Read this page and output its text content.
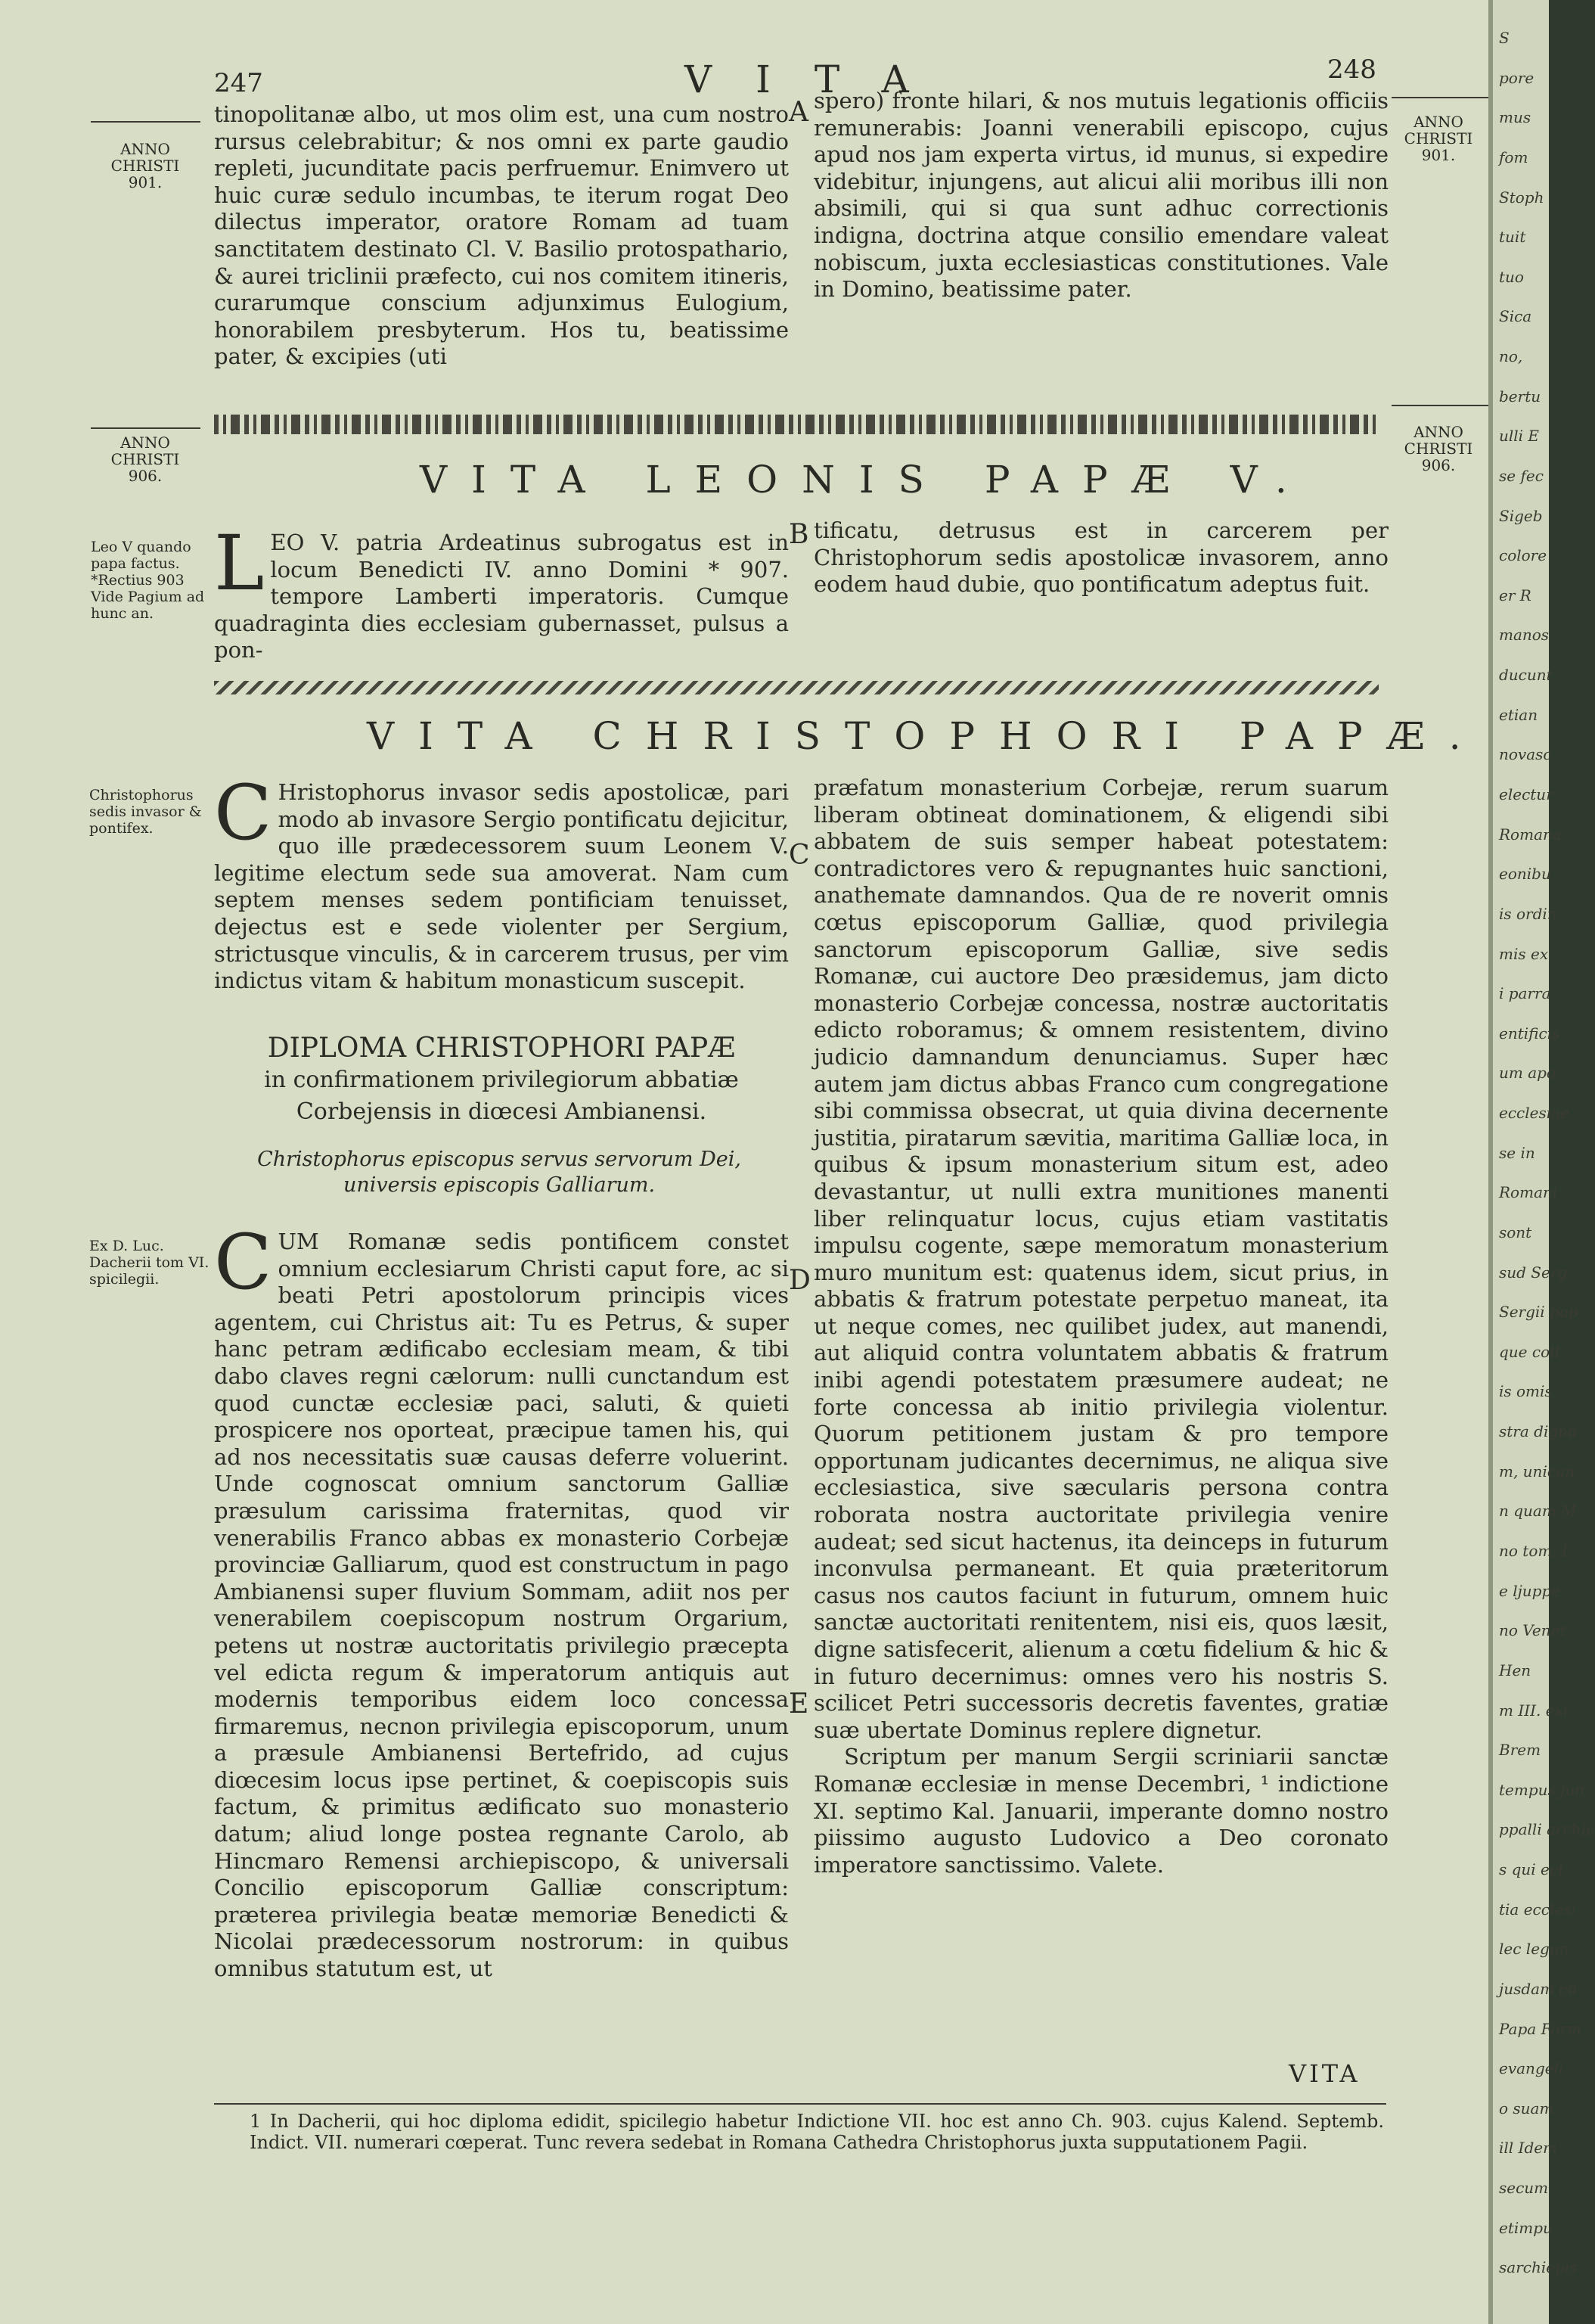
247	VITA	248
ANNO CHRISTI
901.
ANNO CHRISTI
901.

tinopolitanæ albo, ut mos olim est, una cum nostro rursus celebrabitur; & nos omni ex parte gaudio repleti, jucunditate pacis perfruemur. Enimvero ut huic curæ sedulo incumbas, te iterum rogat Deo dilectus imperator, oratore Romam ad tuam sanctitatem destinato Cl. V. Basilio protospathario, & aurei triclinii præfecto, cui nos comitem itineris, curarumque conscium adjunximus Eulogium, honorabilem presbyterum. Hos tu, beatissime pater, & excipies (uti

A spero) fronte hilari, & nos mutuis legationis officiis remunerabis: Joanni venerabili episcopo, cujus apud nos jam experta virtus, id munus, si expedire videbitur, injungens, aut alicui alii moribus illi non absimili, qui si qua sunt adhuc correctionis indigna, doctrina atque consilio emendare valeat nobiscum, juxta ecclesiasticas constitutiones. Vale in Domino, beatissime pater.

ANNO CHRISTI
906.
ANNO CHRISTI
906.
VITA LEONIS PAPÆ V.
Leo V quando papa factus. *Rectius 903 Vide Pagium ad hunc an.

LEO V. patria Ardeatinus subrogatus est in locum Benedicti IV. anno Domini * 907. tempore Lamberti imperatoris. Cumque quadraginta dies ecclesiam gubernasset, pulsus a pon-

B tificatu, detrusus est in carcerem per Christophorum sedis apostolicæ invasorem, anno eodem haud dubie, quo pontificatum adeptus fuit.

VITA CHRISTOPHORI PAPÆ.
Christophorus sedis invasor & pontifex. C Hristophorus invasor sedis apostolicæ, pari modo ab invasore Sergio pontificatu dejicitur, quo ille prædecessorem suum Leonem V. legitime electum sede sua amoverat. Nam cum septem menses sedem pontificiam tenuisset, dejectus est e sede violenter per Sergium, strictusque vinculis, & in carcerem trusus, per vim indictus vitam & habitum monasticum suscepit.

DIPLOMA CHRISTOPHORI PAPÆ
in confirmationem privilegiorum abbatiæ Corbejensis in diœcesi Ambianensi.
Christophorus episcopus servus servorum Dei, universis episcopis Galliarum.
Ex D. Luc. Dacherii tom VI. spicilegii. CUM Romanæ sedis pontificem constet omnium ecclesiarum Christi caput fore, ac si beati Petri apostolorum principis vices agentem, cui Christus ait: Tu es Petrus, & super hanc petram ædificabo ecclesiam meam, & tibi dabo claves regni cælorum: nulli cunctandum est quod cunctæ ecclesiæ paci, saluti, & quieti prospicere nos oporteat, præcipue tamen his, qui ad nos necessitatis suæ causas deferre voluerint. Unde cognoscat omnium sanctorum Galliæ præsulum carissima fraternitas, quod vir venerabilis Franco abbas ex monasterio Corbejæ provinciæ Galliarum, quod est constructum in pago Ambianensi super fluvium Sommam, adiit nos per venerabilem coepiscopum nostrum Orgarium, petens ut nostræ auctoritatis privilegio præcepta vel edicta regum & imperatorum antiquis aut modernis temporibus eidem loco concessa firmaremus, necnon privilegia episcoporum, unum a præsule Ambianensi Bertefrido, ad cujus diœcesim locus ipse pertinet, & coepiscopis suis factum, & primitus ædificato suo monasterio datum; aliud longe postea regnante Carolo, ab Hincmaro Remensi archiepiscopo, & universali Concilio episcoporum Galliæ conscriptum: præterea privilegia beatæ memoriæ Benedicti & Nicolai prædecessorum nostrorum: in quibus omnibus statutum est, ut

C
D
E

præfatum monasterium Corbejæ, rerum suarum liberam obtineat dominationem, & eligendi sibi abbatem de suis semper habeat potestatem: contradictores vero & repugnantes huic sanctioni, anathemate damnandos. Qua de re noverit omnis cœtus episcoporum Galliæ, quod privilegia sanctorum episcoporum Galliæ, sive sedis Romanæ, cui auctore Deo præsidemus, jam dicto monasterio Corbejæ concessa, nostræ auctoritatis edicto roboramus; & omnem resistentem, divino judicio damnandum denunciamus. Super hæc autem jam dictus abbas Franco cum congregatione sibi commissa obsecrat, ut quia divina decernente justitia, piratarum sævitia, maritima Galliæ loca, in quibus & ipsum monasterium situm est, adeo devastantur, ut nulli extra munitiones manenti liber relinquatur locus, cujus etiam vastitatis impulsu cogente, sæpe memoratum monasterium muro munitum est: quatenus idem, sicut prius, in abbatis & fratrum potestate perpetuo maneat, ita ut neque comes, nec quilibet judex, aut manendi, aut aliquid contra voluntatem abbatis & fratrum inibi agendi potestatem præsumere audeat; ne forte concessa ab initio privilegia violentur. Quorum petitionem justam & pro tempore opportunam judicantes decernimus, ne aliqua sive ecclesiastica, sive sæcularis persona contra roborata nostra auctoritate privilegia venire audeat; sed sicut hactenus, ita deinceps in futurum inconvulsa permaneant. Et quia præteritorum casus nos cautos faciunt in futurum, omnem huic sanctæ auctoritati renitentem, nisi eis, quos læsit, digne satisfecerit, alienum a cœtu fidelium & hic & in futuro decernimus: omnes vero his nostris S. scilicet Petri successoris decretis faventes, gratiæ suæ ubertate Dominus replere dignetur.

Scriptum per manum Sergii scriniarii sanctæ Romanæ ecclesiæ in mense Decembri, ¹ indictione XI. septimo Kal. Januarii, imperante domno nostro piissimo augusto Ludovico a Deo coronato imperatore sanctissimo. Valete.

VITA
1 In Dacherii, qui hoc diploma edidit, spicilegio habetur Indictione VII. hoc est anno Ch. 903. cujus Kalend. Septemb. Indict. VII. numerari cœperat. Tunc revera sedebat in Romana Cathedra Christophorus juxta supputationem Pagii.
S
pore
mus
fom
Stoph
tuit
tuo
Sica
no,
bertu
ulli E
se fec
Sigeb
colore
er R
manos
ducunt
etian
novasc
electur
Romana
eonibu
is ordin
mis ex
i parra
entificis
um apo
ecclesiae
se in
Romani
sont
sud Serg
Sergii pap
que coll
is omis
stra digna
m, unican
n quam M
no tom. I
e ljuppe
no Venet
Hen
m III. ext
Brem
tempus jun
ppalli archie
s qui ect
tia ecclesi
lec legun
jusdam co
Papa Form
evangeli
o suam
ill Idem
secum
etimpu
sarchiepis
